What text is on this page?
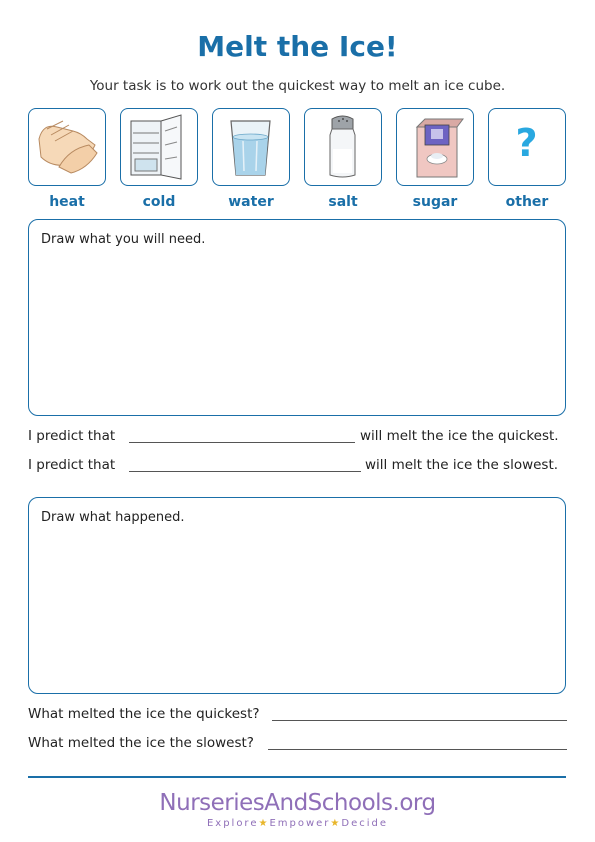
Melt the Ice!
Your task is to work out the quickest way to melt an ice cube.
heat	cold	water	salt	sugar
?
other
Draw what you will need.
I predict that	will melt the ice the quickest.
I predict that	will melt the ice the slowest.
Draw what happened.
What melted the ice the quickest?
What melted the ice the slowest?
NurseriesAndSchools.org
Explore★Empower★Decide
